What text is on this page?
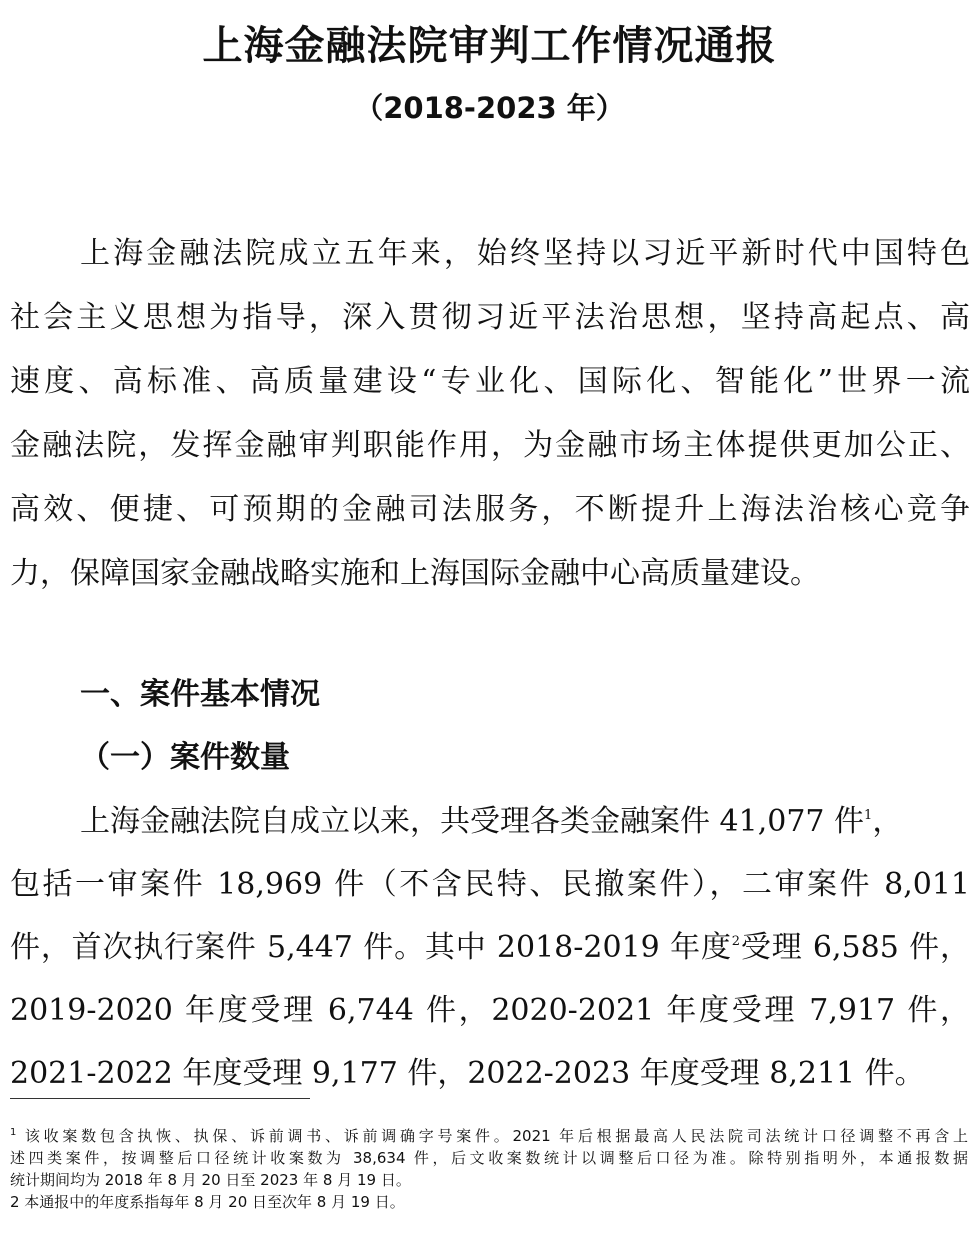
上海金融法院审判工作情况通报
（2018-2023 年）
上海金融法院成立五年来，始终坚持以习近平新时代中国特色
社会主义思想为指导，深入贯彻习近平法治思想，坚持高起点、高
速度、高标准、高质量建设“专业化、国际化、智能化”世界一流
金融法院，发挥金融审判职能作用，为金融市场主体提供更加公正、
高效、便捷、可预期的金融司法服务，不断提升上海法治核心竞争
力，保障国家金融战略实施和上海国际金融中心高质量建设。
一、案件基本情况
（一）案件数量
上海金融法院自成立以来，共受理各类金融案件 41,077 件$^1$，
包括一审案件 18,969 件（不含民特、民撤案件），二审案件 8,011
件，首次执行案件 5,447 件。其中 2018-2019 年度$^2$受理 6,585 件，
2019-2020 年度受理 6,744 件，2020-2021 年度受理 7,917 件，
2021-2022 年度受理 9,177 件，2022-2023 年度受理 8,211 件。
$^1$ 该收案数包含执恢、执保、诉前调书、诉前调确字号案件。2021 年后根据最高人民法院司法统计口径调整不再含上
述四类案件，按调整后口径统计收案数为 38,634 件，后文收案数统计以调整后口径为准。除特别指明外，本通报数据
统计期间均为 2018 年 8 月 20 日至 2023 年 8 月 19 日。
2 本通报中的年度系指每年 8 月 20 日至次年 8 月 19 日。
